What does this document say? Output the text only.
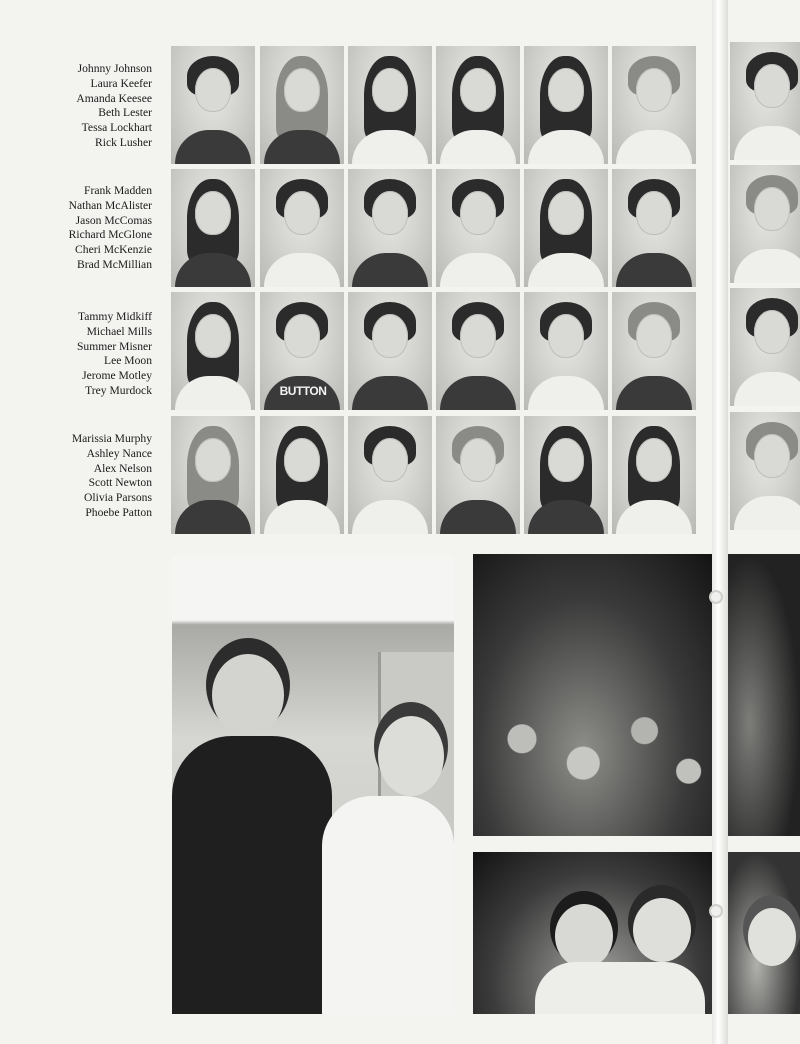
Johnny Johnson
Laura Keefer
Amanda Keesee
Beth Lester
Tessa Lockhart
Rick Lusher
Frank Madden
Nathan McAlister
Jason McComas
Richard McGlone
Cheri McKenzie
Brad McMillian
Tammy Midkiff
Michael Mills
Summer Misner
Lee Moon
Jerome Motley
Trey Murdock
Marissia Murphy
Ashley Nance
Alex Nelson
Scott Newton
Olivia Parsons
Phoebe Patton
BUTTON
